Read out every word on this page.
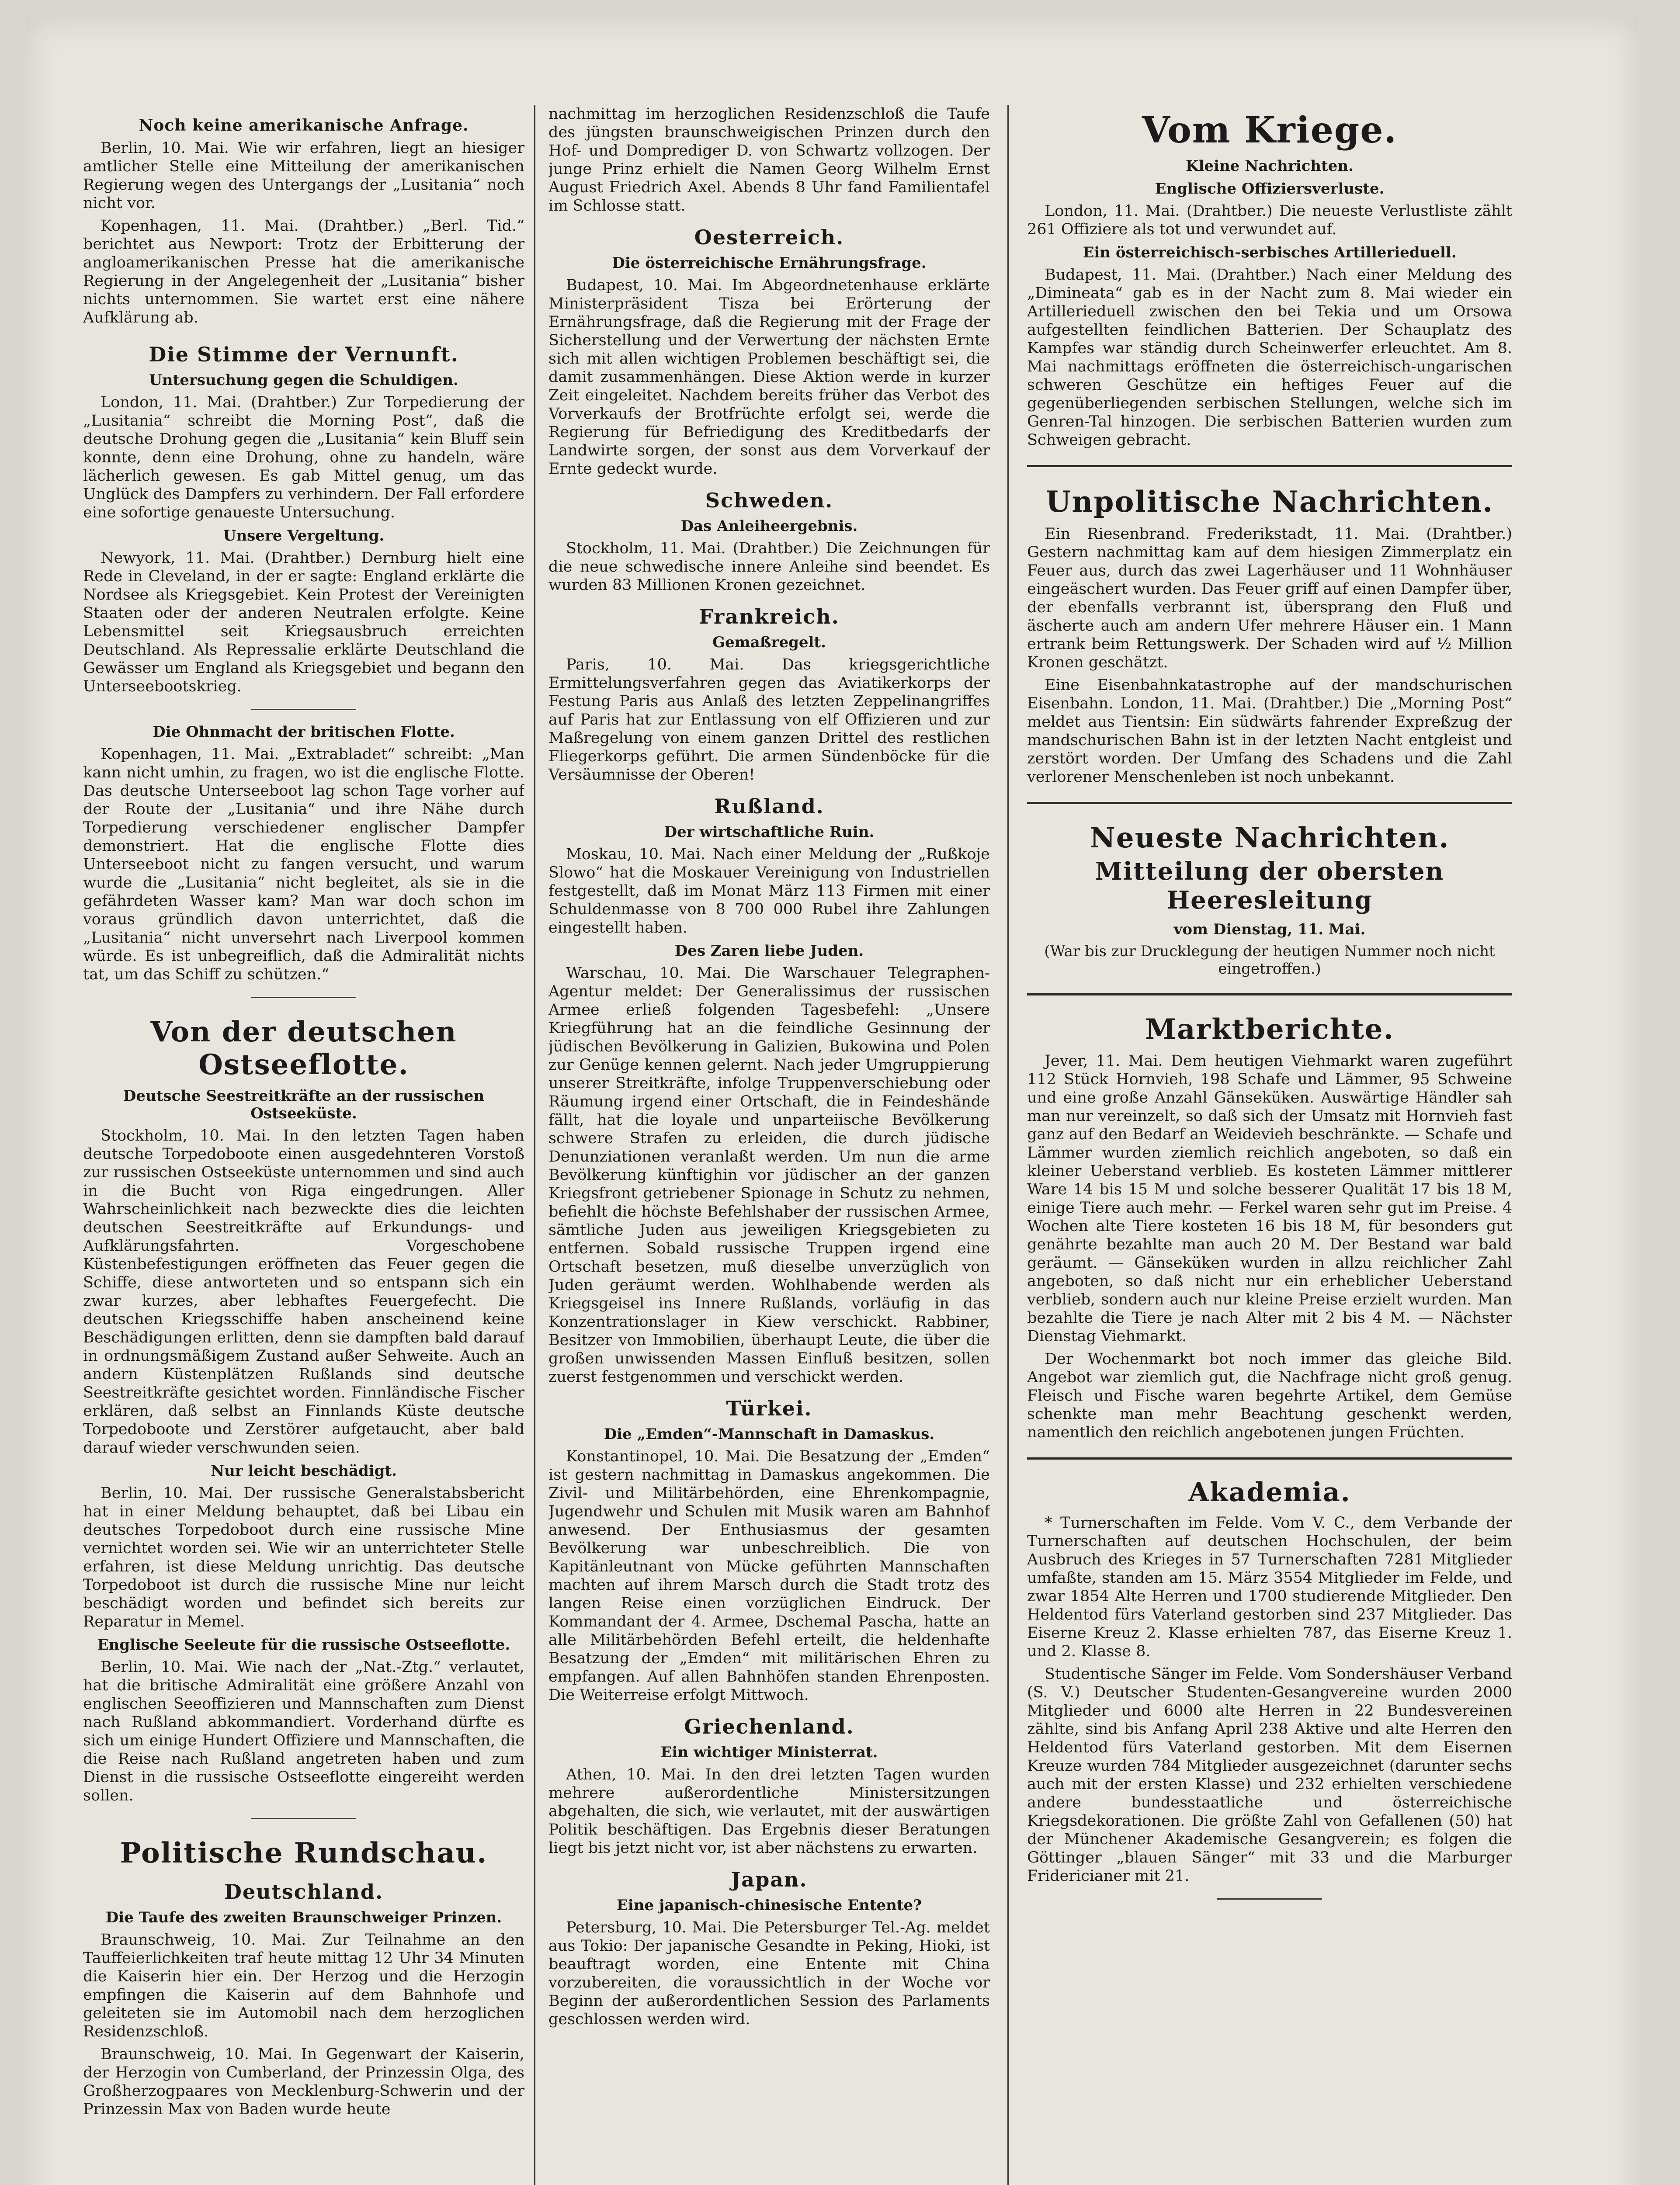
Noch keine amerikanische Anfrage.

Berlin, 10. Mai. Wie wir erfahren, liegt an hiesiger amtlicher Stelle eine Mitteilung der amerikanischen Regierung wegen des Untergangs der „Lusitania“ noch nicht vor.

Kopenhagen, 11. Mai. (Drahtber.) „Berl. Tid.“ berichtet aus Newport: Trotz der Erbitterung der angloamerikanischen Presse hat die amerikanische Regierung in der Angelegenheit der „Lusitania“ bisher nichts unternommen. Sie wartet erst eine nähere Aufklärung ab.

Die Stimme der Vernunft.
Untersuchung gegen die Schuldigen.

London, 11. Mai. (Drahtber.) Zur Torpedierung der „Lusitania“ schreibt die Morning Post“, daß die deutsche Drohung gegen die „Lusitania“ kein Bluff sein konnte, denn eine Drohung, ohne zu handeln, wäre lächerlich gewesen. Es gab Mittel genug, um das Unglück des Dampfers zu verhindern. Der Fall erfordere eine sofortige genaueste Untersuchung.

Unsere Vergeltung.

Newyork, 11. Mai. (Drahtber.) Dernburg hielt eine Rede in Cleveland, in der er sagte: England erklärte die Nordsee als Kriegsgebiet. Kein Protest der Vereinigten Staaten oder der anderen Neutralen erfolgte. Keine Lebensmittel seit Kriegsausbruch erreichten Deutschland. Als Repressalie erklärte Deutschland die Gewässer um England als Kriegsgebiet und begann den Unterseebootskrieg.

Die Ohnmacht der britischen Flotte.

Kopenhagen, 11. Mai. „Extrabladet“ schreibt: „Man kann nicht umhin, zu fragen, wo ist die englische Flotte. Das deutsche Unterseeboot lag schon Tage vorher auf der Route der „Lusitania“ und ihre Nähe durch Torpedierung verschiedener englischer Dampfer demonstriert. Hat die englische Flotte dies Unterseeboot nicht zu fangen versucht, und warum wurde die „Lusitania“ nicht begleitet, als sie in die gefährdeten Wasser kam? Man war doch schon im voraus gründlich davon unterrichtet, daß die „Lusitania“ nicht unversehrt nach Liverpool kommen würde. Es ist unbegreiflich, daß die Admiralität nichts tat, um das Schiff zu schützen.“

Von der deutschen Ostseeflotte.
Deutsche Seestreitkräfte an der russischen Ostseeküste.

Stockholm, 10. Mai. In den letzten Tagen haben deutsche Torpedoboote einen ausgedehnteren Vorstoß zur russischen Ostseeküste unternommen und sind auch in die Bucht von Riga eingedrungen. Aller Wahrscheinlichkeit nach bezweckte dies die leichten deutschen Seestreitkräfte auf Erkundungs- und Aufklärungsfahrten. Vorgeschobene Küstenbefestigungen eröffneten das Feuer gegen die Schiffe, diese antworteten und so entspann sich ein zwar kurzes, aber lebhaftes Feuergefecht. Die deutschen Kriegsschiffe haben anscheinend keine Beschädigungen erlitten, denn sie dampften bald darauf in ordnungsmäßigem Zustand außer Sehweite. Auch an andern Küstenplätzen Rußlands sind deutsche Seestreitkräfte gesichtet worden. Finnländische Fischer erklären, daß selbst an Finnlands Küste deutsche Torpedoboote und Zerstörer aufgetaucht, aber bald darauf wieder verschwunden seien.

Nur leicht beschädigt.

Berlin, 10. Mai. Der russische Generalstabsbericht hat in einer Meldung behauptet, daß bei Libau ein deutsches Torpedoboot durch eine russische Mine vernichtet worden sei. Wie wir an unterrichteter Stelle erfahren, ist diese Meldung unrichtig. Das deutsche Torpedoboot ist durch die russische Mine nur leicht beschädigt worden und befindet sich bereits zur Reparatur in Memel.

Englische Seeleute für die russische Ostseeflotte.

Berlin, 10. Mai. Wie nach der „Nat.-Ztg.“ verlautet, hat die britische Admiralität eine größere Anzahl von englischen Seeoffizieren und Mannschaften zum Dienst nach Rußland abkommandiert. Vorderhand dürfte es sich um einige Hundert Offiziere und Mannschaften, die die Reise nach Rußland angetreten haben und zum Dienst in die russische Ostseeflotte eingereiht werden sollen.

Politische Rundschau.
Deutschland.
Die Taufe des zweiten Braunschweiger Prinzen.

Braunschweig, 10. Mai. Zur Teilnahme an den Tauffeierlichkeiten traf heute mittag 12 Uhr 34 Minuten die Kaiserin hier ein. Der Herzog und die Herzogin empfingen die Kaiserin auf dem Bahnhofe und geleiteten sie im Automobil nach dem herzoglichen Residenzschloß.

Braunschweig, 10. Mai. In Gegenwart der Kaiserin, der Herzogin von Cumberland, der Prinzessin Olga, des Großherzogpaares von Mecklenburg-Schwerin und der Prinzessin Max von Baden wurde heute

nachmittag im herzoglichen Residenzschloß die Taufe des jüngsten braunschweigischen Prinzen durch den Hof- und Domprediger D. von Schwartz vollzogen. Der junge Prinz erhielt die Namen Georg Wilhelm Ernst August Friedrich Axel. Abends 8 Uhr fand Familientafel im Schlosse statt.

Oesterreich.
Die österreichische Ernährungsfrage.

Budapest, 10. Mai. Im Abgeordnetenhause erklärte Ministerpräsident Tisza bei Erörterung der Ernährungsfrage, daß die Regierung mit der Frage der Sicherstellung und der Verwertung der nächsten Ernte sich mit allen wichtigen Problemen beschäftigt sei, die damit zusammenhängen. Diese Aktion werde in kurzer Zeit eingeleitet. Nachdem bereits früher das Verbot des Vorverkaufs der Brotfrüchte erfolgt sei, werde die Regierung für Befriedigung des Kreditbedarfs der Landwirte sorgen, der sonst aus dem Vorverkauf der Ernte gedeckt wurde.

Schweden.
Das Anleiheergebnis.

Stockholm, 11. Mai. (Drahtber.) Die Zeichnungen für die neue schwedische innere Anleihe sind beendet. Es wurden 83 Millionen Kronen gezeichnet.

Frankreich.
Gemaßregelt.

Paris, 10. Mai. Das kriegsgerichtliche Ermittelungsverfahren gegen das Aviatikerkorps der Festung Paris aus Anlaß des letzten Zeppelinangriffes auf Paris hat zur Entlassung von elf Offizieren und zur Maßregelung von einem ganzen Drittel des restlichen Fliegerkorps geführt. Die armen Sündenböcke für die Versäumnisse der Oberen!

Rußland.
Der wirtschaftliche Ruin.

Moskau, 10. Mai. Nach einer Meldung der „Rußkoje Slowo“ hat die Moskauer Vereinigung von Industriellen festgestellt, daß im Monat März 113 Firmen mit einer Schuldenmasse von 8 700 000 Rubel ihre Zahlungen eingestellt haben.

Des Zaren liebe Juden.

Warschau, 10. Mai. Die Warschauer Telegraphen-Agentur meldet: Der Generalissimus der russischen Armee erließ folgenden Tagesbefehl: „Unsere Kriegführung hat an die feindliche Gesinnung der jüdischen Bevölkerung in Galizien, Bukowina und Polen zur Genüge kennen gelernt. Nach jeder Umgruppierung unserer Streitkräfte, infolge Truppenverschiebung oder Räumung irgend einer Ortschaft, die in Feindeshände fällt, hat die loyale und unparteiische Bevölkerung schwere Strafen zu erleiden, die durch jüdische Denunziationen veranlaßt werden. Um nun die arme Bevölkerung künftighin vor jüdischer an der ganzen Kriegsfront getriebener Spionage in Schutz zu nehmen, befiehlt die höchste Befehlshaber der russischen Armee, sämtliche Juden aus jeweiligen Kriegsgebieten zu entfernen. Sobald russische Truppen irgend eine Ortschaft besetzen, muß dieselbe unverzüglich von Juden geräumt werden. Wohlhabende werden als Kriegsgeisel ins Innere Rußlands, vorläufig in das Konzentrationslager in Kiew verschickt. Rabbiner, Besitzer von Immobilien, überhaupt Leute, die über die großen unwissenden Massen Einfluß besitzen, sollen zuerst festgenommen und verschickt werden.

Türkei.
Die „Emden“-Mannschaft in Damaskus.

Konstantinopel, 10. Mai. Die Besatzung der „Emden“ ist gestern nachmittag in Damaskus angekommen. Die Zivil- und Militärbehörden, eine Ehrenkompagnie, Jugendwehr und Schulen mit Musik waren am Bahnhof anwesend. Der Enthusiasmus der gesamten Bevölkerung war unbeschreiblich. Die von Kapitänleutnant von Mücke geführten Mannschaften machten auf ihrem Marsch durch die Stadt trotz des langen Reise einen vorzüglichen Eindruck. Der Kommandant der 4. Armee, Dschemal Pascha, hatte an alle Militärbehörden Befehl erteilt, die heldenhafte Besatzung der „Emden“ mit militärischen Ehren zu empfangen. Auf allen Bahnhöfen standen Ehrenposten. Die Weiterreise erfolgt Mittwoch.

Griechenland.
Ein wichtiger Ministerrat.

Athen, 10. Mai. In den drei letzten Tagen wurden mehrere außerordentliche Ministersitzungen abgehalten, die sich, wie verlautet, mit der auswärtigen Politik beschäftigen. Das Ergebnis dieser Beratungen liegt bis jetzt nicht vor, ist aber nächstens zu erwarten.

Japan.
Eine japanisch-chinesische Entente?

Petersburg, 10. Mai. Die Petersburger Tel.-Ag. meldet aus Tokio: Der japanische Gesandte in Peking, Hioki, ist beauftragt worden, eine Entente mit China vorzubereiten, die voraussichtlich in der Woche vor Beginn der außerordentlichen Session des Parlaments geschlossen werden wird.

Vom Kriege.
Kleine Nachrichten.
Englische Offiziersverluste.

London, 11. Mai. (Drahtber.) Die neueste Verlustliste zählt 261 Offiziere als tot und verwundet auf.

Ein österreichisch-serbisches Artillerieduell.

Budapest, 11. Mai. (Drahtber.) Nach einer Meldung des „Dimineata“ gab es in der Nacht zum 8. Mai wieder ein Artillerieduell zwischen den bei Tekia und um Orsowa aufgestellten feindlichen Batterien. Der Schauplatz des Kampfes war ständig durch Scheinwerfer erleuchtet. Am 8. Mai nachmittags eröffneten die österreichisch-ungarischen schweren Geschütze ein heftiges Feuer auf die gegenüberliegenden serbischen Stellungen, welche sich im Genren-Tal hinzogen. Die serbischen Batterien wurden zum Schweigen gebracht.

Unpolitische Nachrichten.

Ein Riesenbrand. Frederikstadt, 11. Mai. (Drahtber.) Gestern nachmittag kam auf dem hiesigen Zimmerplatz ein Feuer aus, durch das zwei Lagerhäuser und 11 Wohnhäuser eingeäschert wurden. Das Feuer griff auf einen Dampfer über, der ebenfalls verbrannt ist, übersprang den Fluß und äscherte auch am andern Ufer mehrere Häuser ein. 1 Mann ertrank beim Rettungswerk. Der Schaden wird auf ½ Million Kronen geschätzt.

Eine Eisenbahnkatastrophe auf der mandschurischen Eisenbahn. London, 11. Mai. (Drahtber.) Die „Morning Post“ meldet aus Tientsin: Ein südwärts fahrender Expreßzug der mandschurischen Bahn ist in der letzten Nacht entgleist und zerstört worden. Der Umfang des Schadens und die Zahl verlorener Menschenleben ist noch unbekannt.

Neueste Nachrichten.
Mitteilung der obersten Heeresleitung
vom Dienstag, 11. Mai.
(War bis zur Drucklegung der heutigen Nummer noch nicht eingetroffen.)
Marktberichte.

Jever, 11. Mai. Dem heutigen Viehmarkt waren zugeführt 112 Stück Hornvieh, 198 Schafe und Lämmer, 95 Schweine und eine große Anzahl Gänseküken. Auswärtige Händler sah man nur vereinzelt, so daß sich der Umsatz mit Hornvieh fast ganz auf den Bedarf an Weidevieh beschränkte. — Schafe und Lämmer wurden ziemlich reichlich angeboten, so daß ein kleiner Ueberstand verblieb. Es kosteten Lämmer mittlerer Ware 14 bis 15 M und solche besserer Qualität 17 bis 18 M, einige Tiere auch mehr. — Ferkel waren sehr gut im Preise. 4 Wochen alte Tiere kosteten 16 bis 18 M, für besonders gut genährte bezahlte man auch 20 M. Der Bestand war bald geräumt. — Gänseküken wurden in allzu reichlicher Zahl angeboten, so daß nicht nur ein erheblicher Ueberstand verblieb, sondern auch nur kleine Preise erzielt wurden. Man bezahlte die Tiere je nach Alter mit 2 bis 4 M. — Nächster Dienstag Viehmarkt.

Der Wochenmarkt bot noch immer das gleiche Bild. Angebot war ziemlich gut, die Nachfrage nicht groß genug. Fleisch und Fische waren begehrte Artikel, dem Gemüse schenkte man mehr Beachtung geschenkt werden, namentlich den reichlich angebotenen jungen Früchten.

Akademia.

* Turnerschaften im Felde. Vom V. C., dem Verbande der Turnerschaften auf deutschen Hochschulen, der beim Ausbruch des Krieges in 57 Turnerschaften 7281 Mitglieder umfaßte, standen am 15. März 3554 Mitglieder im Felde, und zwar 1854 Alte Herren und 1700 studierende Mitglieder. Den Heldentod fürs Vaterland gestorben sind 237 Mitglieder. Das Eiserne Kreuz 2. Klasse erhielten 787, das Eiserne Kreuz 1. und 2. Klasse 8.

Studentische Sänger im Felde. Vom Sondershäuser Verband (S. V.) Deutscher Studenten-Gesangvereine wurden 2000 Mitglieder und 6000 alte Herren in 22 Bundesvereinen zählte, sind bis Anfang April 238 Aktive und alte Herren den Heldentod fürs Vaterland gestorben. Mit dem Eisernen Kreuze wurden 784 Mitglieder ausgezeichnet (darunter sechs auch mit der ersten Klasse) und 232 erhielten verschiedene andere bundesstaatliche und österreichische Kriegsdekorationen. Die größte Zahl von Gefallenen (50) hat der Münchener Akademische Gesangverein; es folgen die Göttinger „blauen Sänger“ mit 33 und die Marburger Fridericianer mit 21.
